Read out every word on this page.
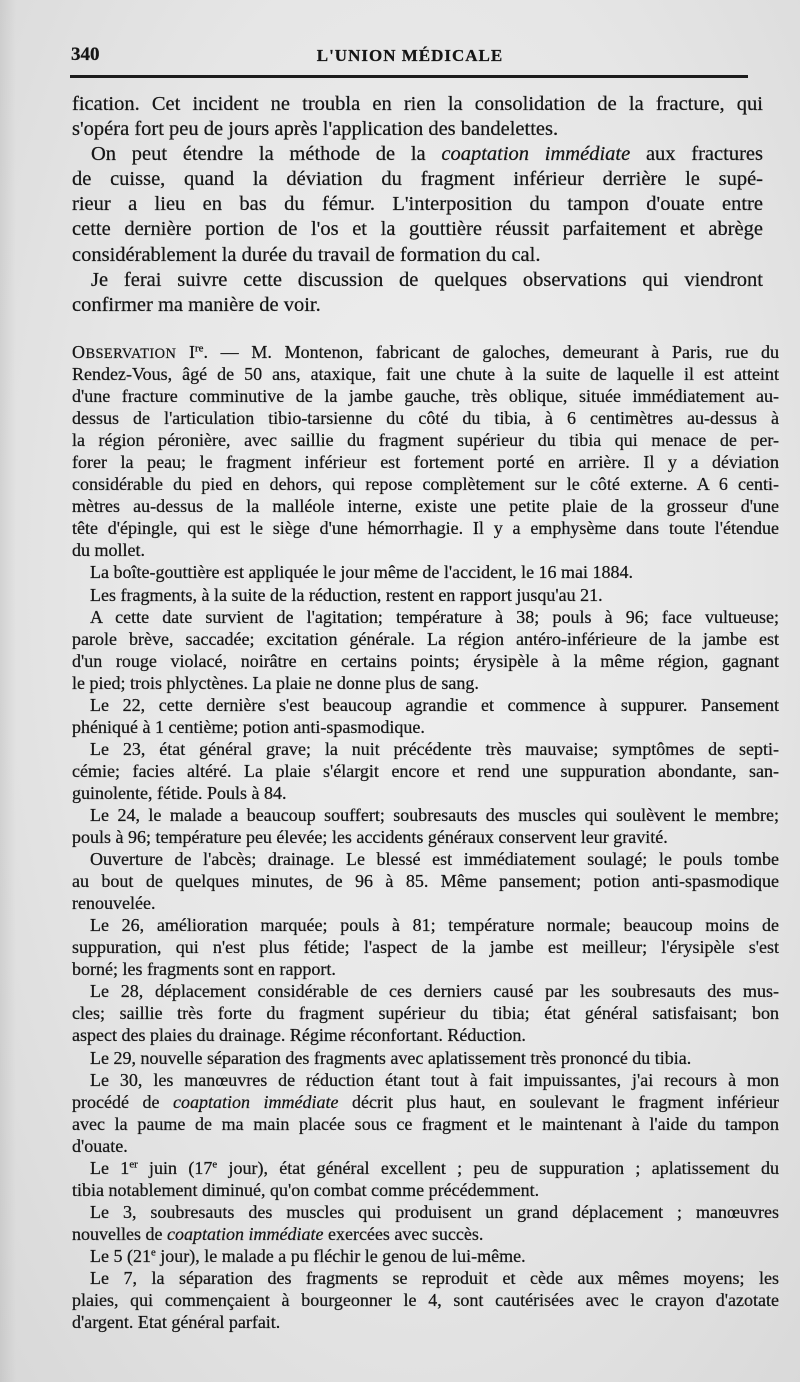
340	L'UNION MÉDICALE
fication. Cet incident ne troubla en rien la consolidation de la fracture, qui
s'opéra fort peu de jours après l'application des bandelettes.
On peut étendre la méthode de la coaptation immédiate aux fractures
de cuisse, quand la déviation du fragment inférieur derrière le supé-
rieur a lieu en bas du fémur. L'interposition du tampon d'ouate entre
cette dernière portion de l'os et la gouttière réussit parfaitement et abrège
considérablement la durée du travail de formation du cal.
Je ferai suivre cette discussion de quelques observations qui viendront
confirmer ma manière de voir.
OBSERVATION Ire. — M. Montenon, fabricant de galoches, demeurant à Paris, rue du
Rendez-Vous, âgé de 50 ans, ataxique, fait une chute à la suite de laquelle il est atteint
d'une fracture comminutive de la jambe gauche, très oblique, située immédiatement au-
dessus de l'articulation tibio-tarsienne du côté du tibia, à 6 centimètres au-dessus à
la région péronière, avec saillie du fragment supérieur du tibia qui menace de per-
forer la peau; le fragment inférieur est fortement porté en arrière. Il y a déviation
considérable du pied en dehors, qui repose complètement sur le côté externe. A 6 centi-
mètres au-dessus de la malléole interne, existe une petite plaie de la grosseur d'une
tête d'épingle, qui est le siège d'une hémorrhagie. Il y a emphysème dans toute l'étendue
du mollet.
La boîte-gouttière est appliquée le jour même de l'accident, le 16 mai 1884.
Les fragments, à la suite de la réduction, restent en rapport jusqu'au 21.
A cette date survient de l'agitation; température à 38; pouls à 96; face vultueuse;
parole brève, saccadée; excitation générale. La région antéro-inférieure de la jambe est
d'un rouge violacé, noirâtre en certains points; érysipèle à la même région, gagnant
le pied; trois phlyctènes. La plaie ne donne plus de sang.
Le 22, cette dernière s'est beaucoup agrandie et commence à suppurer. Pansement
phéniqué à 1 centième; potion anti-spasmodique.
Le 23, état général grave; la nuit précédente très mauvaise; symptômes de septi-
cémie; facies altéré. La plaie s'élargit encore et rend une suppuration abondante, san-
guinolente, fétide. Pouls à 84.
Le 24, le malade a beaucoup souffert; soubresauts des muscles qui soulèvent le membre;
pouls à 96; température peu élevée; les accidents généraux conservent leur gravité.
Ouverture de l'abcès; drainage. Le blessé est immédiatement soulagé; le pouls tombe
au bout de quelques minutes, de 96 à 85. Même pansement; potion anti-spasmodique
renouvelée.
Le 26, amélioration marquée; pouls à 81; température normale; beaucoup moins de
suppuration, qui n'est plus fétide; l'aspect de la jambe est meilleur; l'érysipèle s'est
borné; les fragments sont en rapport.
Le 28, déplacement considérable de ces derniers causé par les soubresauts des mus-
cles; saillie très forte du fragment supérieur du tibia; état général satisfaisant; bon
aspect des plaies du drainage. Régime réconfortant. Réduction.
Le 29, nouvelle séparation des fragments avec aplatissement très prononcé du tibia.
Le 30, les manœuvres de réduction étant tout à fait impuissantes, j'ai recours à mon
procédé de coaptation immédiate décrit plus haut, en soulevant le fragment inférieur
avec la paume de ma main placée sous ce fragment et le maintenant à l'aide du tampon
d'ouate.
Le 1er juin (17e jour), état général excellent ; peu de suppuration ; aplatissement du
tibia notablement diminué, qu'on combat comme précédemment.
Le 3, soubresauts des muscles qui produisent un grand déplacement ; manœuvres
nouvelles de coaptation immédiate exercées avec succès.
Le 5 (21e jour), le malade a pu fléchir le genou de lui-même.
Le 7, la séparation des fragments se reproduit et cède aux mêmes moyens; les
plaies, qui commençaient à bourgeonner le 4, sont cautérisées avec le crayon d'azotate
d'argent. Etat général parfait.
